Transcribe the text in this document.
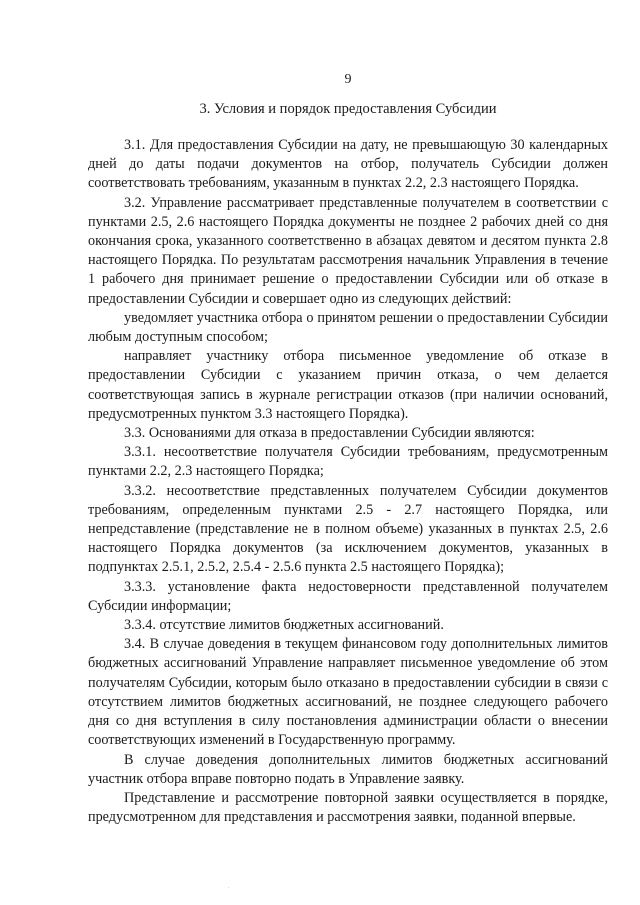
9
3. Условия и порядок предоставления Субсидии

3.1. Для предоставления Субсидии на дату, не превышающую 30 календарных дней до даты подачи документов на отбор, получатель Субсидии должен соответствовать требованиям, указанным в пунктах 2.2, 2.3 настоящего Порядка.

3.2. Управление рассматривает представленные получателем в соответствии с пунктами 2.5, 2.6 настоящего Порядка документы не позднее 2 рабочих дней со дня окончания срока, указанного соответственно в абзацах девятом и десятом пункта 2.8 настоящего Порядка. По результатам рассмотрения начальник Управления в течение 1 рабочего дня принимает решение о предоставлении Субсидии или об отказе в предоставлении Субсидии и совершает одно из следующих действий:

уведомляет участника отбора о принятом решении о предоставлении Субсидии любым доступным способом;

направляет участнику отбора письменное уведомление об отказе в предоставлении Субсидии с указанием причин отказа, о чем делается соответствующая запись в журнале регистрации отказов (при наличии оснований, предусмотренных пунктом 3.3 настоящего Порядка).

3.3. Основаниями для отказа в предоставлении Субсидии являются:

3.3.1. несоответствие получателя Субсидии требованиям, предусмотренным пунктами 2.2, 2.3 настоящего Порядка;

3.3.2. несоответствие представленных получателем Субсидии документов требованиям, определенным пунктами 2.5 - 2.7 настоящего Порядка, или непредставление (представление не в полном объеме) указанных в пунктах 2.5, 2.6 настоящего Порядка документов (за исключением документов, указанных в подпунктах 2.5.1, 2.5.2, 2.5.4 - 2.5.6 пункта 2.5 настоящего Порядка);

3.3.3. установление факта недостоверности представленной получателем Субсидии информации;

3.3.4. отсутствие лимитов бюджетных ассигнований.

3.4. В случае доведения в текущем финансовом году дополнительных лимитов бюджетных ассигнований Управление направляет письменное уведомление об этом получателям Субсидии, которым было отказано в предоставлении субсидии в связи с отсутствием лимитов бюджетных ассигнований, не позднее следующего рабочего дня со дня вступления в силу постановления администрации области о внесении соответствующих изменений в Государственную программу.

В случае доведения дополнительных лимитов бюджетных ассигнований участник отбора вправе повторно подать в Управление заявку.

Представление и рассмотрение повторной заявки осуществляется в порядке, предусмотренном для представления и рассмотрения заявки, поданной впервые.

.
